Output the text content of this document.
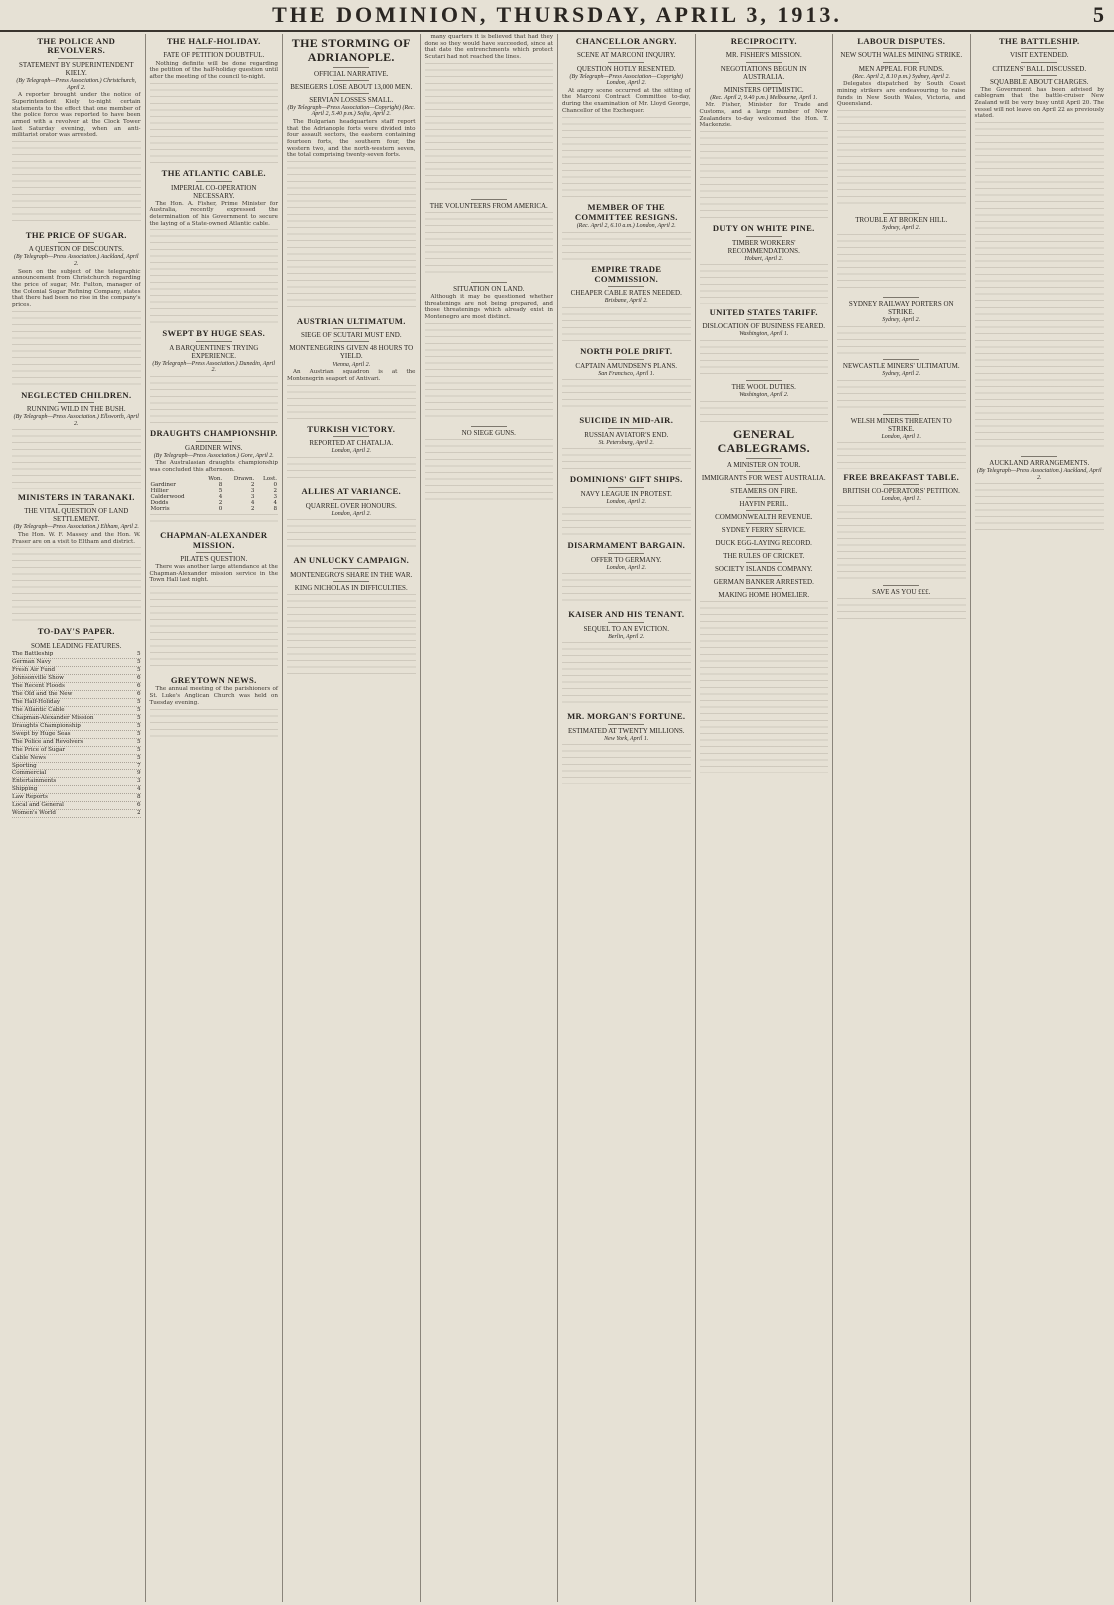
THE DOMINION, THURSDAY, APRIL 3, 1913.	5
THE POLICE AND REVOLVERS.
STATEMENT BY SUPERINTENDENT KIELY.
(By Telegraph—Press Association.) Christchurch, April 2.

A reporter brought under the notice of Superintendent Kiely to-night certain statements to the effect that one member of the police force was reported to have been armed with a revolver at the Clock Tower last Saturday evening, when an anti-militarist orator was arrested.

THE PRICE OF SUGAR.
A QUESTION OF DISCOUNTS.
(By Telegraph—Press Association.) Auckland, April 2.

Seen on the subject of the telegraphic announcement from Christchurch regarding the price of sugar, Mr. Fulton, manager of the Colonial Sugar Refining Company, states that there had been no rise in the company's prices.

NEGLECTED CHILDREN.
RUNNING WILD IN THE BUSH.
(By Telegraph—Press Association.) Ellsworth, April 2.
MINISTERS IN TARANAKI.
THE VITAL QUESTION OF LAND SETTLEMENT.
(By Telegraph—Press Association.) Eltham, April 2.

The Hon. W. F. Massey and the Hon. W. Fraser are on a visit to Eltham and district.

TO-DAY'S PAPER.
SOME LEADING FEATURES.
The Battleship	5
German Navy	5
Fresh Air Fund	5
Johnsonville Show	6
The Recent Floods	6
The Old and the New	6
The Half-Holiday	5
The Atlantic Cable	5
Chapman-Alexander Mission	5
Draughts Championship	5
Swept by Huge Seas	5
The Police and Revolvers	5
The Price of Sugar	5
Cable News	5
Sporting	7
Commercial	9
Entertainments	3
Shipping	4
Law Reports	8
Local and General	6
Women's World	2
THE HALF-HOLIDAY.
FATE OF PETITION DOUBTFUL.

Nothing definite will be done regarding the petition of the half-holiday question until after the meeting of the council to-night.

THE ATLANTIC CABLE.
IMPERIAL CO-OPERATION NECESSARY.

The Hon. A. Fisher, Prime Minister for Australia, recently expressed the determination of his Government to secure the laying of a State-owned Atlantic cable.

SWEPT BY HUGE SEAS.
A BARQUENTINE'S TRYING EXPERIENCE.
(By Telegraph—Press Association.) Dunedin, April 2.
DRAUGHTS CHAMPIONSHIP.
GARDINER WINS.
(By Telegraph—Press Association.) Gore, April 2.

The Australasian draughts championship was concluded this afternoon.

	Won.	Drawn.	Lost.
Gardiner	8	2	0
Hillier	5	3	2
Calderwood	4	3	3
Dodds	2	4	4
Morris	0	2	8
CHAPMAN-ALEXANDER MISSION.
PILATE'S QUESTION.

There was another large attendance at the Chapman-Alexander mission service in the Town Hall last night.

GREYTOWN NEWS.

The annual meeting of the parishioners of St. Luke's Anglican Church was held on Tuesday evening.

THE STORMING OF ADRIANOPLE.
OFFICIAL NARRATIVE.
BESIEGERS LOSE ABOUT 13,000 MEN.
SERVIAN LOSSES SMALL.
(By Telegraph—Press Association—Copyright) (Rec. April 2, 5.40 p.m.) Sofia, April 2.

The Bulgarian headquarters staff report that the Adrianople forts were divided into four assault sectors, the eastern containing fourteen forts, the southern four, the western two, and the north-western seven, the total comprising twenty-seven forts.

AUSTRIAN ULTIMATUM.
SIEGE OF SCUTARI MUST END.
MONTENEGRINS GIVEN 48 HOURS TO YIELD.
Vienna, April 2.

An Austrian squadron is at the Montenegrin seaport of Antivari.

TURKISH VICTORY.
REPORTED AT CHATALJA.
London, April 2.
ALLIES AT VARIANCE.
QUARREL OVER HONOURS.
London, April 2.
AN UNLUCKY CAMPAIGN.
MONTENEGRO'S SHARE IN THE WAR.
KING NICHOLAS IN DIFFICULTIES.

many quarters it is believed that had they done so they would have succeeded, since at that date the entrenchments which protect Scutari had not reached the lines.

THE VOLUNTEERS FROM AMERICA.
SITUATION ON LAND.

Although it may be questioned whether threatenings are not being prepared, and those threatenings which already exist in Montenegro are most distinct.

NO SIEGE GUNS.
CHANCELLOR ANGRY.
SCENE AT MARCONI INQUIRY.
QUESTION HOTLY RESENTED.
(By Telegraph—Press Association—Copyright) London, April 2.

At angry scene occurred at the sitting of the Marconi Contract Committee to-day, during the examination of Mr. Lloyd George, Chancellor of the Exchequer.

MEMBER OF THE COMMITTEE RESIGNS.
(Rec. April 2, 6.10 a.m.) London, April 2.
EMPIRE TRADE COMMISSION.
CHEAPER CABLE RATES NEEDED.
Brisbane, April 2.
NORTH POLE DRIFT.
CAPTAIN AMUNDSEN'S PLANS.
San Francisco, April 1.
SUICIDE IN MID-AIR.
RUSSIAN AVIATOR'S END.
St. Petersburg, April 2.
DOMINIONS' GIFT SHIPS.
NAVY LEAGUE IN PROTEST.
London, April 2.
DISARMAMENT BARGAIN.
OFFER TO GERMANY.
London, April 2.
KAISER AND HIS TENANT.
SEQUEL TO AN EVICTION.
Berlin, April 2.
MR. MORGAN'S FORTUNE.
ESTIMATED AT TWENTY MILLIONS.
New York, April 1.
RECIPROCITY.
MR. FISHER'S MISSION.
NEGOTIATIONS BEGUN IN AUSTRALIA.
MINISTERS OPTIMISTIC.
(Rec. April 2, 9.40 p.m.) Melbourne, April 1.

Mr. Fisher, Minister for Trade and Customs, and a large number of New Zealanders to-day welcomed the Hon. T. Mackenzie.

DUTY ON WHITE PINE.
TIMBER WORKERS' RECOMMENDATIONS.
Hobart, April 2.
UNITED STATES TARIFF.
DISLOCATION OF BUSINESS FEARED.
Washington, April 1.
THE WOOL DUTIES.
Washington, April 2.
GENERAL CABLEGRAMS.
A MINISTER ON TOUR.
IMMIGRANTS FOR WEST AUSTRALIA.
STEAMERS ON FIRE.
HAYFIN PERIL.
COMMONWEALTH REVENUE.
SYDNEY FERRY SERVICE.
DUCK EGG-LAYING RECORD.
THE RULES OF CRICKET.
SOCIETY ISLANDS COMPANY.
GERMAN BANKER ARRESTED.
MAKING HOME HOMELIER.
LABOUR DISPUTES.
NEW SOUTH WALES MINING STRIKE.
MEN APPEAL FOR FUNDS.
(Rec. April 2, 8.10 p.m.) Sydney, April 2.

Delegates dispatched by South Coast mining strikers are endeavouring to raise funds in New South Wales, Victoria, and Queensland.

TROUBLE AT BROKEN HILL.
Sydney, April 2.
SYDNEY RAILWAY PORTERS ON STRIKE.
Sydney, April 2.
NEWCASTLE MINERS' ULTIMATUM.
Sydney, April 2.
WELSH MINERS THREATEN TO STRIKE.
London, April 1.
FREE BREAKFAST TABLE.
BRITISH CO-OPERATORS' PETITION.
London, April 1.
SAVE AS YOU £££.
THE BATTLESHIP.
VISIT EXTENDED.
CITIZENS' BALL DISCUSSED.
SQUABBLE ABOUT CHARGES.

The Government has been advised by cablegram that the battle-cruiser New Zealand will be very busy until April 20. The vessel will not leave on April 22 as previously stated.

AUCKLAND ARRANGEMENTS.
(By Telegraph—Press Association.) Auckland, April 2.
